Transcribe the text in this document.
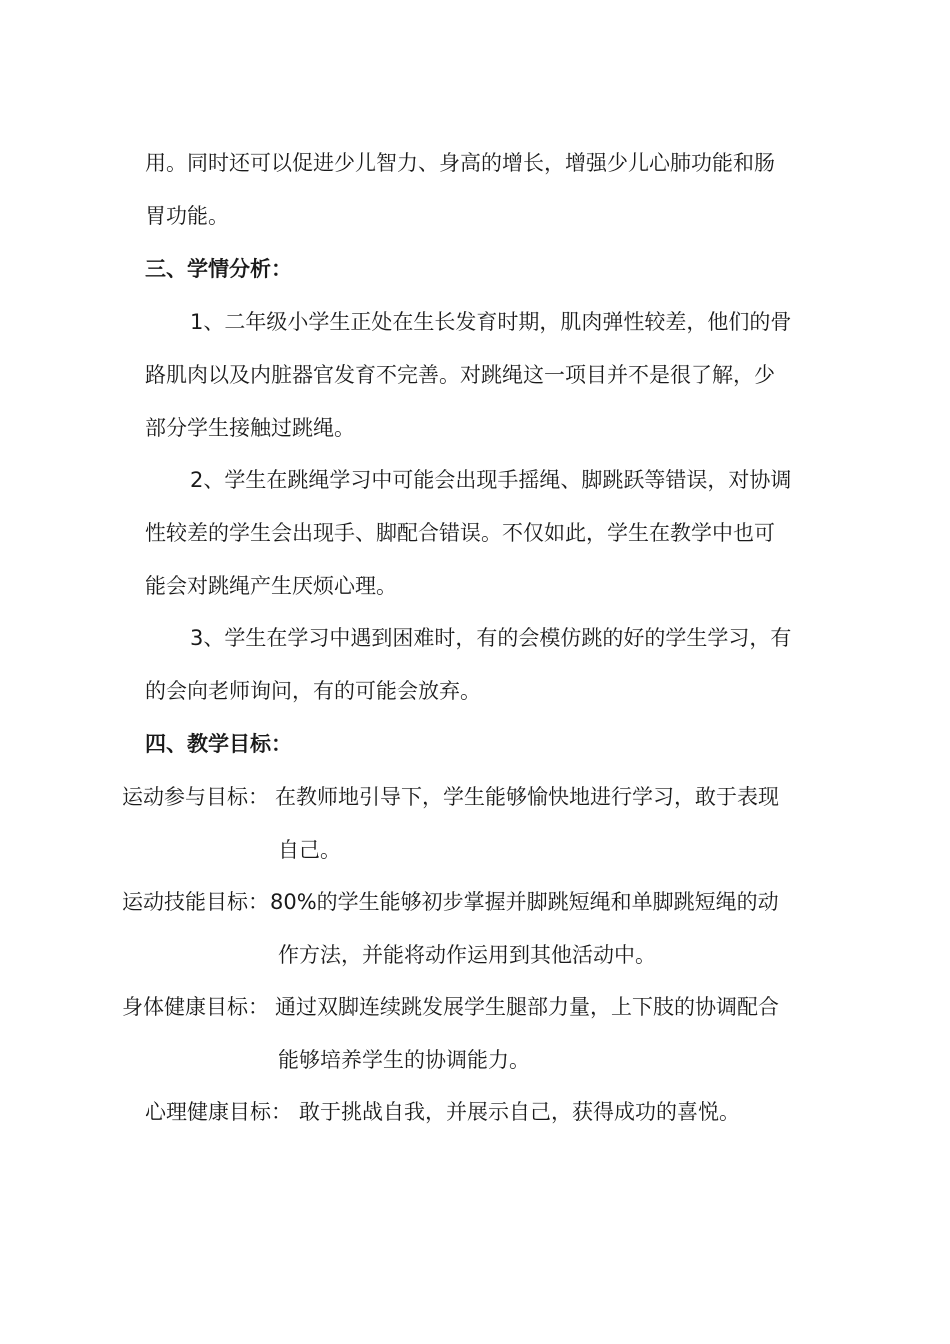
用。同时还可以促进少儿智力、身高的增长，增强少儿心肺功能和肠
胃功能。
三、学情分析：
1、二年级小学生正处在生长发育时期，肌肉弹性较差，他们的骨
路肌肉以及内脏器官发育不完善。对跳绳这一项目并不是很了解，少
部分学生接触过跳绳。
2、学生在跳绳学习中可能会出现手摇绳、脚跳跃等错误，对协调
性较差的学生会出现手、脚配合错误。不仅如此，学生在教学中也可
能会对跳绳产生厌烦心理。
3、学生在学习中遇到困难时，有的会模仿跳的好的学生学习，有
的会向老师询问，有的可能会放弃。
四、教学目标：
运动参与目标： 在教师地引导下，学生能够愉快地进行学习，敢于表现
自己。
运动技能目标： 80%的学生能够初步掌握并脚跳短绳和单脚跳短绳的动
作方法，并能将动作运用到其他活动中。
身体健康目标： 通过双脚连续跳发展学生腿部力量，上下肢的协调配合
能够培养学生的协调能力。
心理健康目标： 敢于挑战自我，并展示自己，获得成功的喜悦。
